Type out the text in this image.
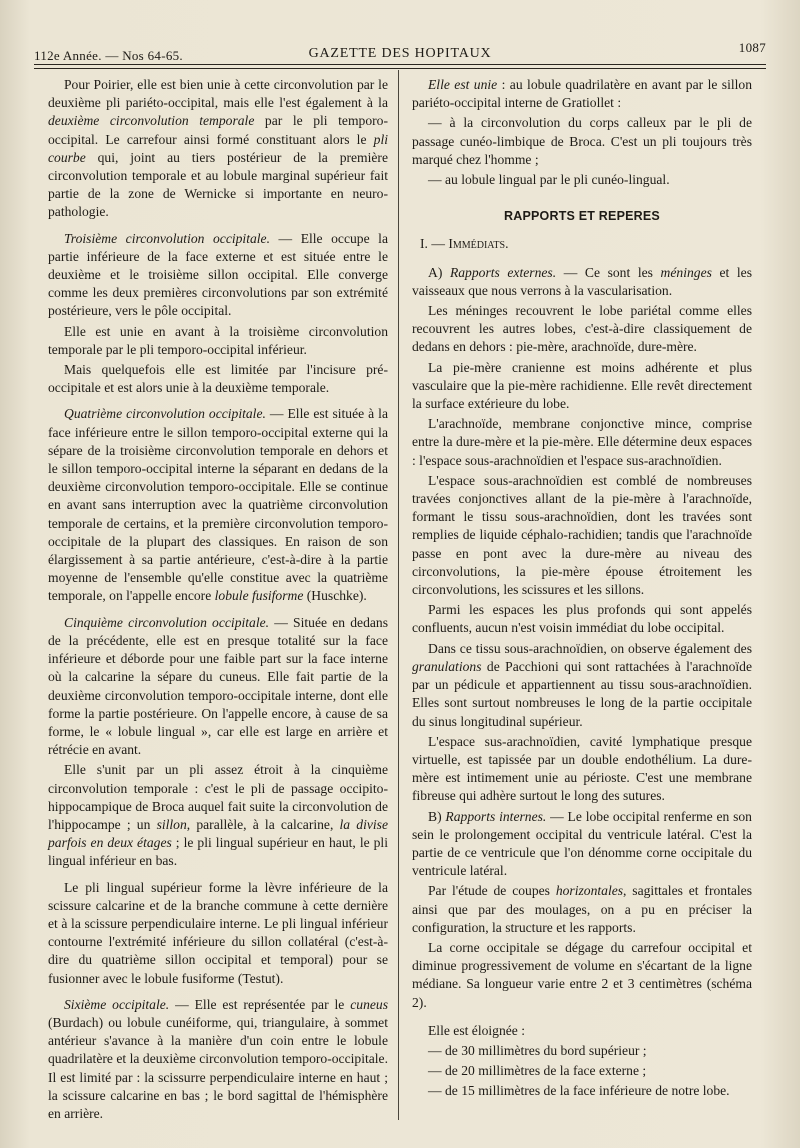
112e Année. — Nos 64-65.	GAZETTE DES HOPITAUX	1087

Pour Poirier, elle est bien unie à cette circonvolution par le deuxième pli pariéto-occipital, mais elle l'est également à la deuxième circonvolution temporale par le pli temporo-occipital. Le carrefour ainsi formé constituant alors le pli courbe qui, joint au tiers postérieur de la première circonvolution temporale et au lobule marginal supérieur fait partie de la zone de Wernicke si importante en neuro-pathologie.

Troisième circonvolution occipitale. — Elle occupe la partie inférieure de la face externe et est située entre le deuxième et le troisième sillon occipital. Elle converge comme les deux premières circonvolutions par son extrémité postérieure, vers le pôle occipital.

Elle est unie en avant à la troisième circonvolution temporale par le pli temporo-occipital inférieur.

Mais quelquefois elle est limitée par l'incisure pré-occipitale et est alors unie à la deuxième temporale.

Quatrième circonvolution occipitale. — Elle est située à la face inférieure entre le sillon temporo-occipital externe qui la sépare de la troisième circonvolution temporale en dehors et le sillon temporo-occipital interne la séparant en dedans de la deuxième circonvolution temporo-occipitale. Elle se continue en avant sans interruption avec la quatrième circonvolution temporale de certains, et la première circonvolution temporo-occipitale de la plupart des classiques. En raison de son élargissement à sa partie antérieure, c'est-à-dire à la partie moyenne de l'ensemble qu'elle constitue avec la quatrième temporale, on l'appelle encore lobule fusiforme (Huschke).

Cinquième circonvolution occipitale. — Située en dedans de la précédente, elle est en presque totalité sur la face inférieure et déborde pour une faible part sur la face interne où la calcarine la sépare du cuneus. Elle fait partie de la deuxième circonvolution temporo-occipitale interne, dont elle forme la partie postérieure. On l'appelle encore, à cause de sa forme, le « lobule lingual », car elle est large en arrière et rétrécie en avant.

Elle s'unit par un pli assez étroit à la cinquième circonvolution temporale : c'est le pli de passage occipito-hippocampique de Broca auquel fait suite la circonvolution de l'hippocampe ; un sillon, parallèle, à la calcarine, la divise parfois en deux étages ; le pli lingual supérieur en haut, le pli lingual inférieur en bas.

Le pli lingual supérieur forme la lèvre inférieure de la scissure calcarine et de la branche commune à cette dernière et à la scissure perpendiculaire interne. Le pli lingual inférieur contourne l'extrémité inférieure du sillon collatéral (c'est-à-dire du quatrième sillon occipital et temporal) pour se fusionner avec le lobule fusiforme (Testut).

Sixième occipitale. — Elle est représentée par le cuneus (Burdach) ou lobule cunéiforme, qui, triangulaire, à sommet antérieur s'avance à la manière d'un coin entre le lobule quadrilatère et la deuxième circonvolution temporo-occipitale. Il est limité par : la scissurre perpendiculaire interne en haut ; la scissure calcarine en bas ; le bord sagittal de l'hémisphère en arrière.

Elle est unie : au lobule quadrilatère en avant par le sillon pariéto-occipital interne de Gratiollet :

— à la circonvolution du corps calleux par le pli de passage cunéo-limbique de Broca. C'est un pli toujours très marqué chez l'homme ;

— au lobule lingual par le pli cunéo-lingual.

RAPPORTS ET REPERES

I. — Immédiats.

A) Rapports externes. — Ce sont les méninges et les vaisseaux que nous verrons à la vascularisation.

Les méninges recouvrent le lobe pariétal comme elles recouvrent les autres lobes, c'est-à-dire classiquement de dedans en dehors : pie-mère, arachnoïde, dure-mère.

La pie-mère cranienne est moins adhérente et plus vasculaire que la pie-mère rachidienne. Elle revêt directement la surface extérieure du lobe.

L'arachnoïde, membrane conjonctive mince, comprise entre la dure-mère et la pie-mère. Elle détermine deux espaces : l'espace sous-arachnoïdien et l'espace sus-arachnoïdien.

L'espace sous-arachnoïdien est comblé de nombreuses travées conjonctives allant de la pie-mère à l'arachnoïde, formant le tissu sous-arachnoïdien, dont les travées sont remplies de liquide céphalo-rachidien; tandis que l'arachnoïde passe en pont avec la dure-mère au niveau des circonvolutions, la pie-mère épouse étroitement les circonvolutions, les scissures et les sillons.

Parmi les espaces les plus profonds qui sont appelés confluents, aucun n'est voisin immédiat du lobe occipital.

Dans ce tissu sous-arachnoïdien, on observe également des granulations de Pacchioni qui sont rattachées à l'arachnoïde par un pédicule et appartiennent au tissu sous-arachnoïdien. Elles sont surtout nombreuses le long de la partie occipitale du sinus longitudinal supérieur.

L'espace sus-arachnoïdien, cavité lymphatique presque virtuelle, est tapissée par un double endothélium. La dure-mère est intimement unie au périoste. C'est une membrane fibreuse qui adhère surtout le long des sutures.

B) Rapports internes. — Le lobe occipital renferme en son sein le prolongement occipital du ventricule latéral. C'est la partie de ce ventricule que l'on dénomme corne occipitale du ventricule latéral.

Par l'étude de coupes horizontales, sagittales et frontales ainsi que par des moulages, on a pu en préciser la configuration, la structure et les rapports.

La corne occipitale se dégage du carrefour occipital et diminue progressivement de volume en s'écartant de la ligne médiane. Sa longueur varie entre 2 et 3 centimètres (schéma 2).

Elle est éloignée :

— de 30 millimètres du bord supérieur ;

— de 20 millimètres de la face externe ;

— de 15 millimètres de la face inférieure de notre lobe.
